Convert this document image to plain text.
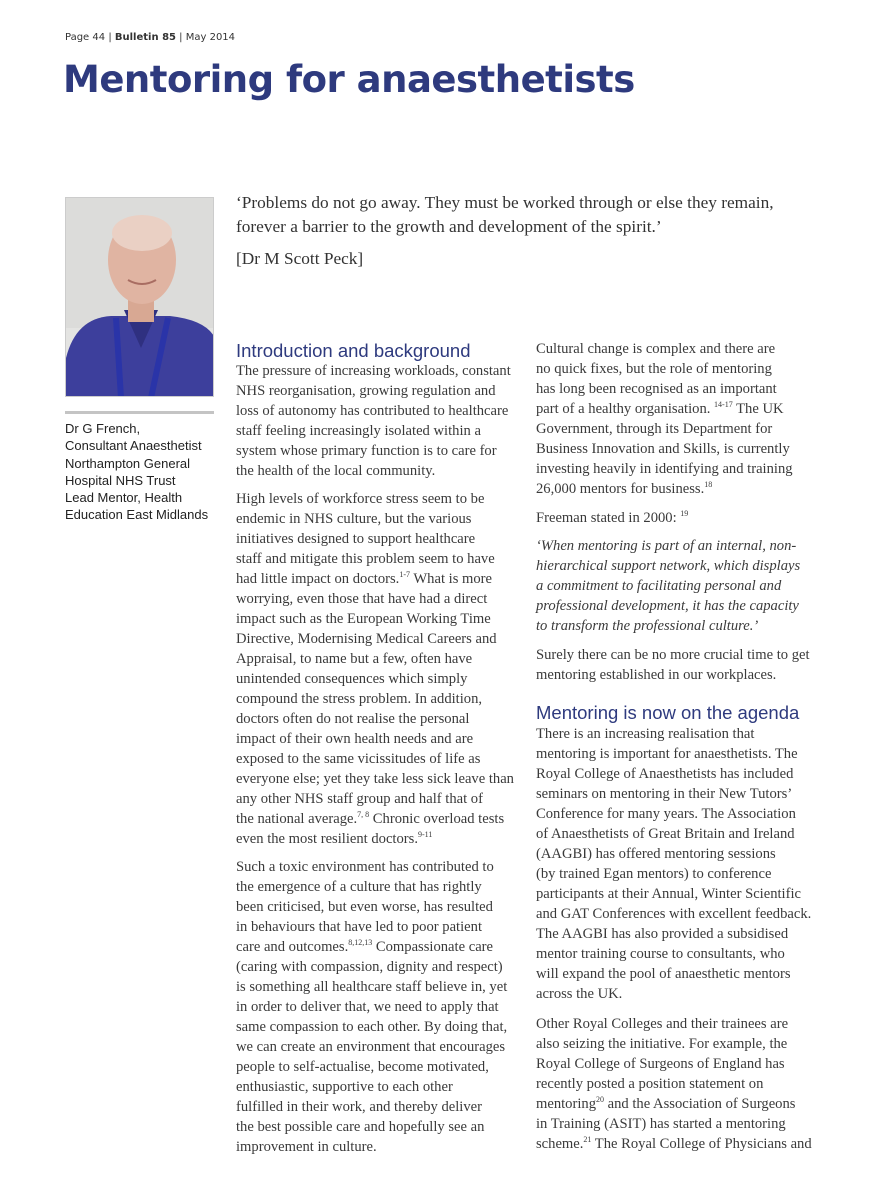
Page 44 | Bulletin 85 | May 2014
Mentoring for anaesthetists
‘Problems do not go away. They must be worked through or else they remain,
forever a barrier to the growth and development of the spirit.’
[Dr M Scott Peck]
Dr G French,
Consultant Anaesthetist
Northampton General
Hospital NHS Trust
Lead Mentor, Health
Education East Midlands
Introduction and background
The pressure of increasing workloads, constant
NHS reorganisation, growing regulation and
loss of autonomy has contributed to healthcare
staff feeling increasingly isolated within a
system whose primary function is to care for
the health of the local community.
High levels of workforce stress seem to be
endemic in NHS culture, but the various
initiatives designed to support healthcare
staff and mitigate this problem seem to have
had little impact on doctors.$^{1-7}$ What is more
worrying, even those that have had a direct
impact such as the European Working Time
Directive, Modernising Medical Careers and
Appraisal, to name but a few, often have
unintended consequences which simply
compound the stress problem. In addition,
doctors often do not realise the personal
impact of their own health needs and are
exposed to the same vicissitudes of life as
everyone else; yet they take less sick leave than
any other NHS staff group and half that of
the national average.$^{7, 8}$ Chronic overload tests
even the most resilient doctors.$^{9-11}$
Such a toxic environment has contributed to
the emergence of a culture that has rightly
been criticised, but even worse, has resulted
in behaviours that have led to poor patient
care and outcomes.$^{8,12,13}$ Compassionate care
(caring with compassion, dignity and respect)
is something all healthcare staff believe in, yet
in order to deliver that, we need to apply that
same compassion to each other. By doing that,
we can create an environment that encourages
people to self-actualise, become motivated,
enthusiastic, supportive to each other
fulfilled in their work, and thereby deliver
the best possible care and hopefully see an
improvement in culture.
Cultural change is complex and there are
no quick fixes, but the role of mentoring
has long been recognised as an important
part of a healthy organisation. $^{14-17}$ The UK
Government, through its Department for
Business Innovation and Skills, is currently
investing heavily in identifying and training
26,000 mentors for business.$^{18}$
Freeman stated in 2000: $^{19}$
‘When mentoring is part of an internal, non-
hierarchical support network, which displays
a commitment to facilitating personal and
professional development, it has the capacity
to transform the professional culture.’
Surely there can be no more crucial time to get
mentoring established in our workplaces.
Mentoring is now on the agenda
There is an increasing realisation that
mentoring is important for anaesthetists. The
Royal College of Anaesthetists has included
seminars on mentoring in their New Tutors’
Conference for many years. The Association
of Anaesthetists of Great Britain and Ireland
(AAGBI) has offered mentoring sessions
(by trained Egan mentors) to conference
participants at their Annual, Winter Scientific
and GAT Conferences with excellent feedback.
The AAGBI has also provided a subsidised
mentor training course to consultants, who
will expand the pool of anaesthetic mentors
across the UK.
Other Royal Colleges and their trainees are
also seizing the initiative. For example, the
Royal College of Surgeons of England has
recently posted a position statement on
mentoring$^{20}$ and the Association of Surgeons
in Training (ASIT) has started a mentoring
scheme.$^{21}$ The Royal College of Physicians and
